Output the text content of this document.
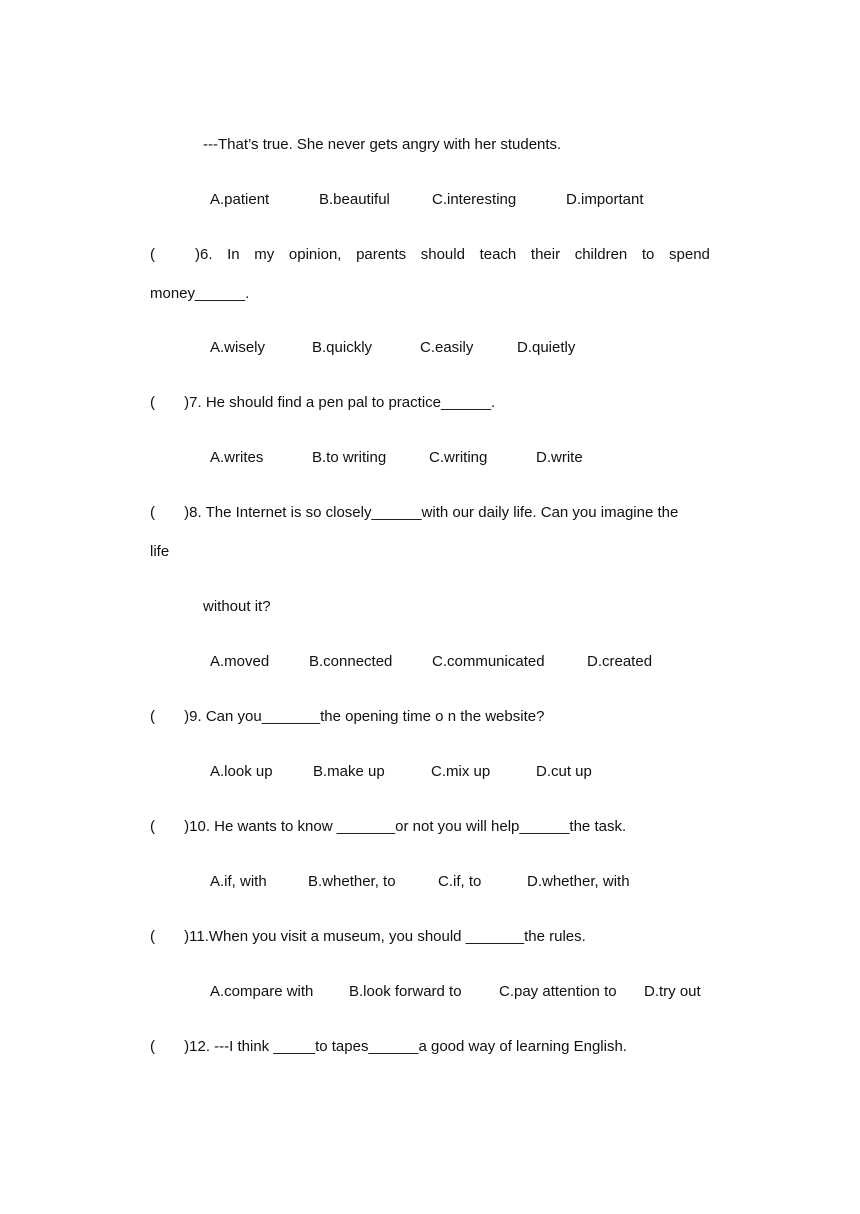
---That’s true. She never gets angry with her students.
A.patient	B.beautiful	C.interesting	D.important
(	)6. In my opinion, parents should teach their children to spend
money______.
A.wisely	B.quickly	C.easily	D.quietly
(       )7. He should find a pen pal to practice______.
A.writes	B.to writing	C.writing	D.write
(       )8. The Internet is so closely______with our daily life. Can you imagine the
life
without it?
A.moved	B.connected	C.communicated	D.created
(       )9. Can you_______the opening time o n the website?
A.look up	B.make up	C.mix up	D.cut up
(       )10. He wants to know _______or not you will help______the task.
A.if, with	B.whether, to	C.if, to	D.whether, with
(       )11.When you visit a museum, you should _______the rules.
A.compare with B.look forward to C.pay attention to D.try out
(       )12. ---I think _____to tapes______a good way of learning English.
